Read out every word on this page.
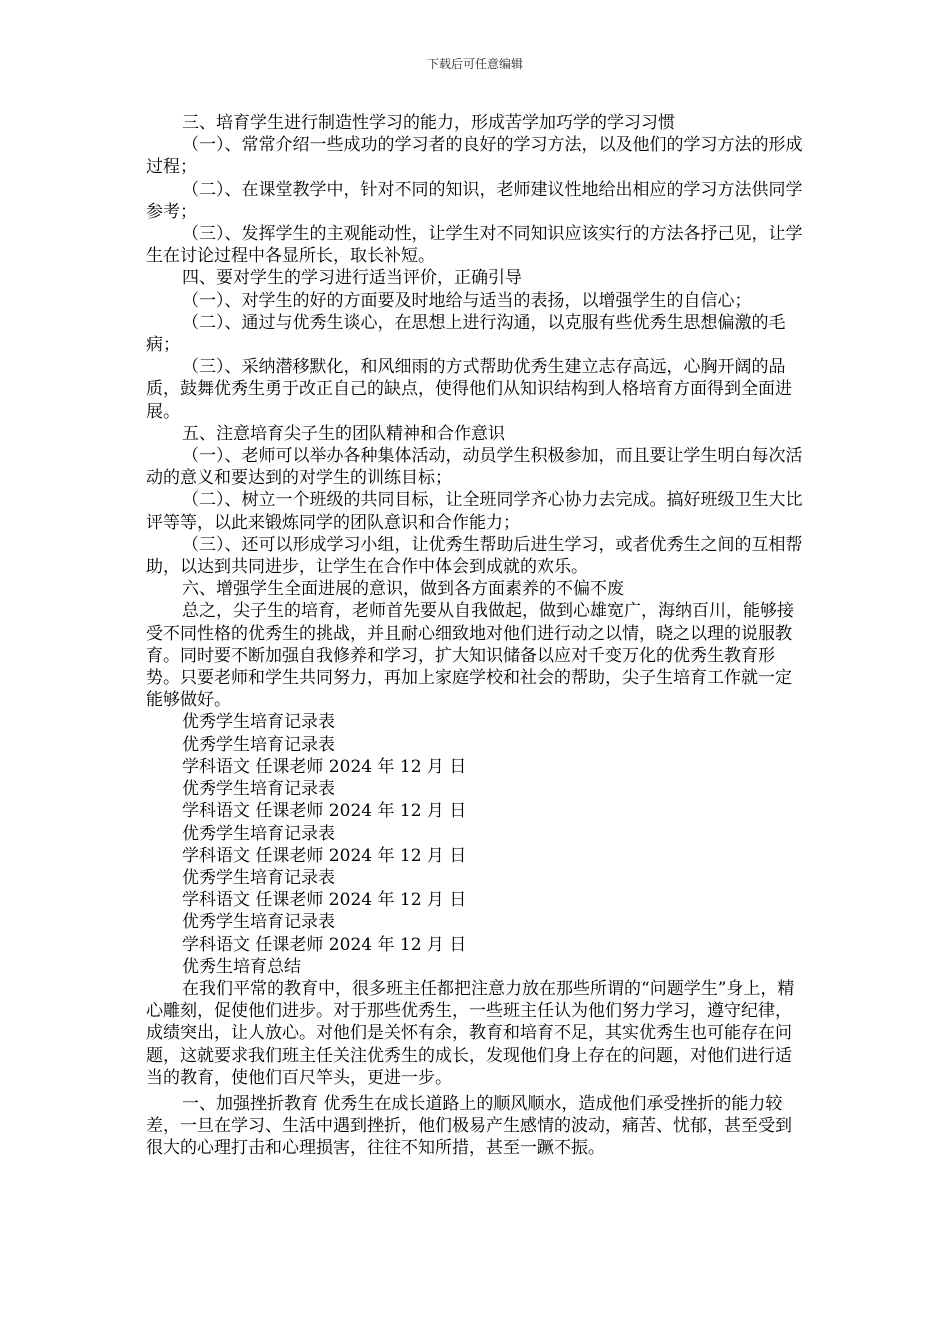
下载后可任意编辑

三、培育学生进行制造性学习的能力，形成苦学加巧学的学习习惯

（一）、常常介绍一些成功的学习者的良好的学习方法，以及他们的学习方法的形成过程；

（二）、在课堂教学中，针对不同的知识，老师建议性地给出相应的学习方法供同学参考；

（三）、发挥学生的主观能动性，让学生对不同知识应该实行的方法各抒己见，让学生在讨论过程中各显所长，取长补短。

四、要对学生的学习进行适当评价，正确引导

（一）、对学生的好的方面要及时地给与适当的表扬，以增强学生的自信心；

（二）、通过与优秀生谈心，在思想上进行沟通，以克服有些优秀生思想偏激的毛病；

（三）、采纳潜移默化，和风细雨的方式帮助优秀生建立志存高远，心胸开阔的品质，鼓舞优秀生勇于改正自己的缺点，使得他们从知识结构到人格培育方面得到全面进展。

五、注意培育尖子生的团队精神和合作意识

（一）、老师可以举办各种集体活动，动员学生积极参加，而且要让学生明白每次活动的意义和要达到的对学生的训练目标；

（二）、树立一个班级的共同目标，让全班同学齐心协力去完成。搞好班级卫生大比评等等，以此来锻炼同学的团队意识和合作能力；

（三）、还可以形成学习小组，让优秀生帮助后进生学习，或者优秀生之间的互相帮助，以达到共同进步，让学生在合作中体会到成就的欢乐。

六、增强学生全面进展的意识，做到各方面素养的不偏不废

总之，尖子生的培育，老师首先要从自我做起，做到心雄宽广，海纳百川，能够接受不同性格的优秀生的挑战，并且耐心细致地对他们进行动之以情，晓之以理的说服教育。同时要不断加强自我修养和学习，扩大知识储备以应对千变万化的优秀生教育形势。只要老师和学生共同努力，再加上家庭学校和社会的帮助，尖子生培育工作就一定能够做好。

优秀学生培育记录表

优秀学生培育记录表

学科语文 任课老师 2024 年 12 月 日

优秀学生培育记录表

学科语文 任课老师 2024 年 12 月 日

优秀学生培育记录表

学科语文 任课老师 2024 年 12 月 日

优秀学生培育记录表

学科语文 任课老师 2024 年 12 月 日

优秀学生培育记录表

学科语文 任课老师 2024 年 12 月 日

优秀生培育总结

在我们平常的教育中，很多班主任都把注意力放在那些所谓的“问题学生”身上，精心雕刻，促使他们进步。对于那些优秀生，一些班主任认为他们努力学习，遵守纪律，成绩突出，让人放心。对他们是关怀有余，教育和培育不足，其实优秀生也可能存在问题，这就要求我们班主任关注优秀生的成长，发现他们身上存在的问题，对他们进行适当的教育，使他们百尺竿头，更进一步。

一、加强挫折教育 优秀生在成长道路上的顺风顺水，造成他们承受挫折的能力较差，一旦在学习、生活中遇到挫折，他们极易产生感情的波动，痛苦、忧郁，甚至受到很大的心理打击和心理损害，往往不知所措，甚至一蹶不振。
